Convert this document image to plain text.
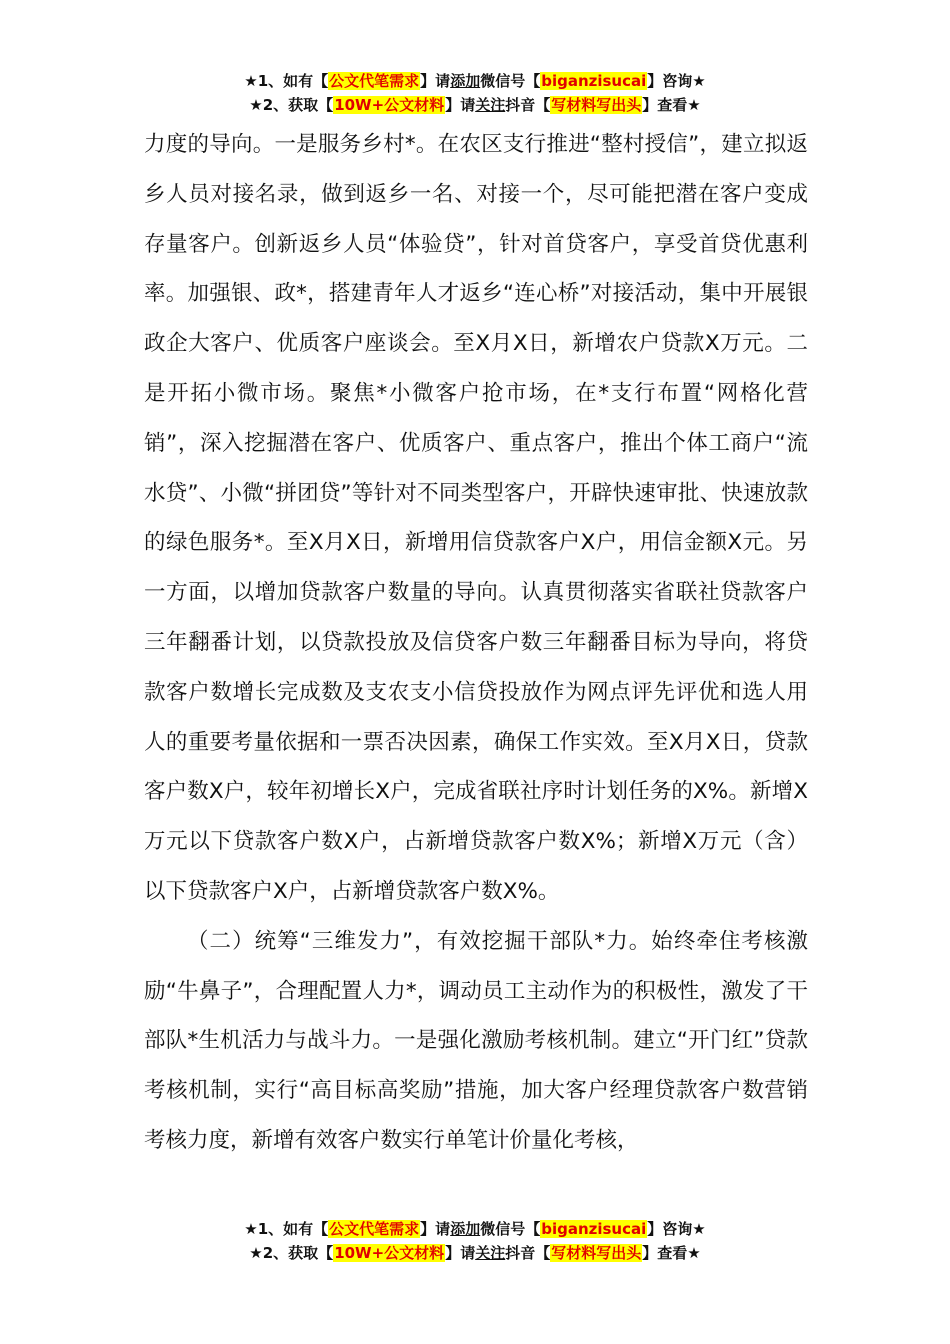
★1、如有【公文代笔需求】请添加微信号【biganzisucai】咨询★
★2、获取【10W+公文材料】请关注抖音【写材料写出头】查看★

力度的导向。一是服务乡村*。在农区支行推进“整村授信”，建立拟返乡人员对接名录，做到返乡一名、对接一个，尽可能把潜在客户变成存量客户。创新返乡人员“体验贷”，针对首贷客户，享受首贷优惠利率。加强银、政*，搭建青年人才返乡“连心桥”对接活动，集中开展银政企大客户、优质客户座谈会。至X月X日，新增农户贷款X万元。二是开拓小微市场。聚焦*小微客户抢市场，在*支行布置“网格化营销”，深入挖掘潜在客户、优质客户、重点客户，推出个体工商户“流水贷”、小微“拼团贷”等针对不同类型客户，开辟快速审批、快速放款的绿色服务*。至X月X日，新增用信贷款客户X户，用信金额X元。另一方面，以增加贷款客户数量的导向。认真贯彻落实省联社贷款客户三年翻番计划，以贷款投放及信贷客户数三年翻番目标为导向，将贷款客户数增长完成数及支农支小信贷投放作为网点评先评优和选人用人的重要考量依据和一票否决因素，确保工作实效。至X月X日，贷款客户数X户，较年初增长X户，完成省联社序时计划任务的X%。新增X万元以下贷款客户数X户，占新增贷款客户数X%；新增X万元（含）以下贷款客户X户，占新增贷款客户数X%。

（二）统筹“三维发力”，有效挖掘干部队*力。始终牵住考核激励“牛鼻子”，合理配置人力*，调动员工主动作为的积极性，激发了干部队*生机活力与战斗力。一是强化激励考核机制。建立“开门红”贷款考核机制，实行“高目标高奖励”措施，加大客户经理贷款客户数营销考核力度，新增有效客户数实行单笔计价量化考核，

★1、如有【公文代笔需求】请添加微信号【biganzisucai】咨询★
★2、获取【10W+公文材料】请关注抖音【写材料写出头】查看★
